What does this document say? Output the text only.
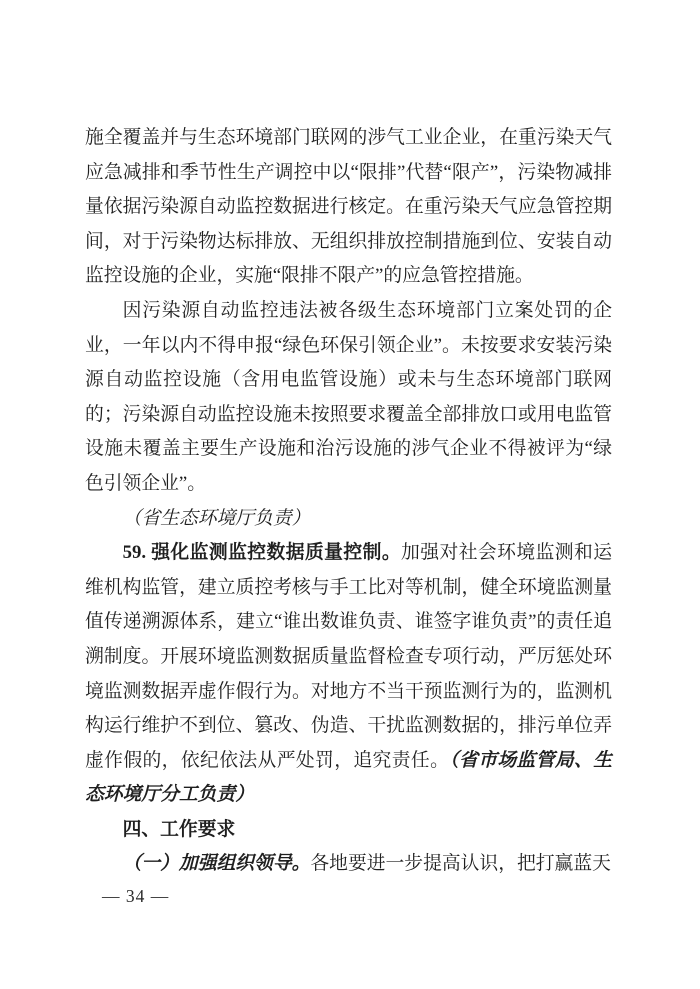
施全覆盖并与生态环境部门联网的涉气工业企业，在重污染天气应急减排和季节性生产调控中以“限排”代替“限产”，污染物减排量依据污染源自动监控数据进行核定。在重污染天气应急管控期间，对于污染物达标排放、无组织排放控制措施到位、安装自动监控设施的企业，实施“限排不限产”的应急管控措施。

因污染源自动监控违法被各级生态环境部门立案处罚的企业，一年以内不得申报“绿色环保引领企业”。未按要求安装污染源自动监控设施（含用电监管设施）或未与生态环境部门联网的；污染源自动监控设施未按照要求覆盖全部排放口或用电监管设施未覆盖主要生产设施和治污设施的涉气企业不得被评为“绿色引领企业”。

（省生态环境厅负责）

59. 强化监测监控数据质量控制。加强对社会环境监测和运维机构监管，建立质控考核与手工比对等机制，健全环境监测量值传递溯源体系，建立“谁出数谁负责、谁签字谁负责”的责任追溯制度。开展环境监测数据质量监督检查专项行动，严厉惩处环境监测数据弄虚作假行为。对地方不当干预监测行为的，监测机构运行维护不到位、篡改、伪造、干扰监测数据的，排污单位弄虚作假的，依纪依法从严处罚，追究责任。（省市场监管局、生态环境厅分工负责）

四、工作要求

（一）加强组织领导。各地要进一步提高认识，把打赢蓝天

— 34 —
